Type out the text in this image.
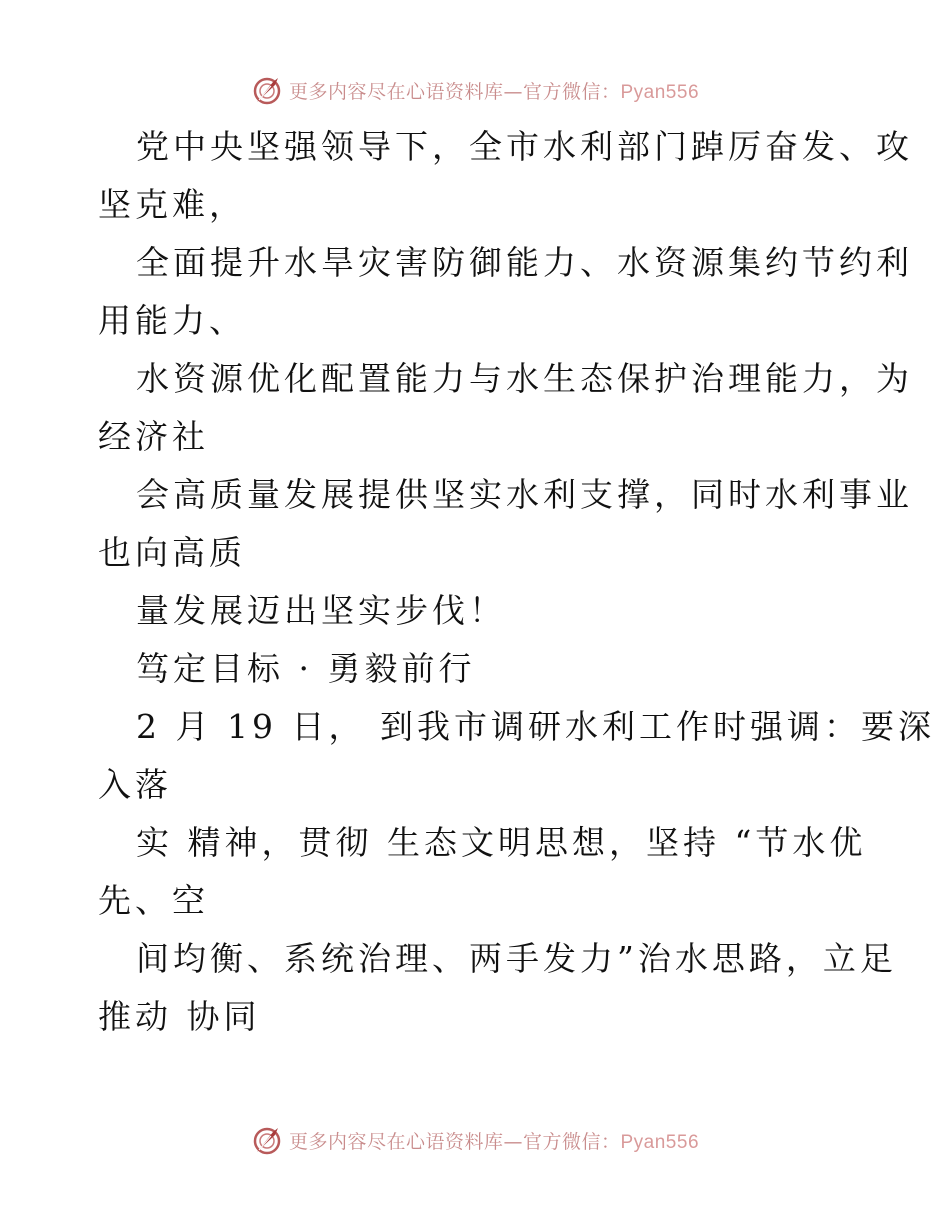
更多内容尽在心语资料库—官方微信：Pyan556
党中央坚强领导下，全市水利部门踔厉奋发、攻
坚克难，
全面提升水旱灾害防御能力、水资源集约节约利
用能力、
水资源优化配置能力与水生态保护治理能力，为
经济社
会高质量发展提供坚实水利支撑，同时水利事业
也向高质
量发展迈出坚实步伐！
笃定目标 · 勇毅前行
2 月 19 日， 到我市调研水利工作时强调：要深
入落
实 精神，贯彻 生态文明思想，坚持 “节水优
先、空
间均衡、系统治理、两手发力”治水思路，立足
推动 协同
更多内容尽在心语资料库—官方微信：Pyan556
